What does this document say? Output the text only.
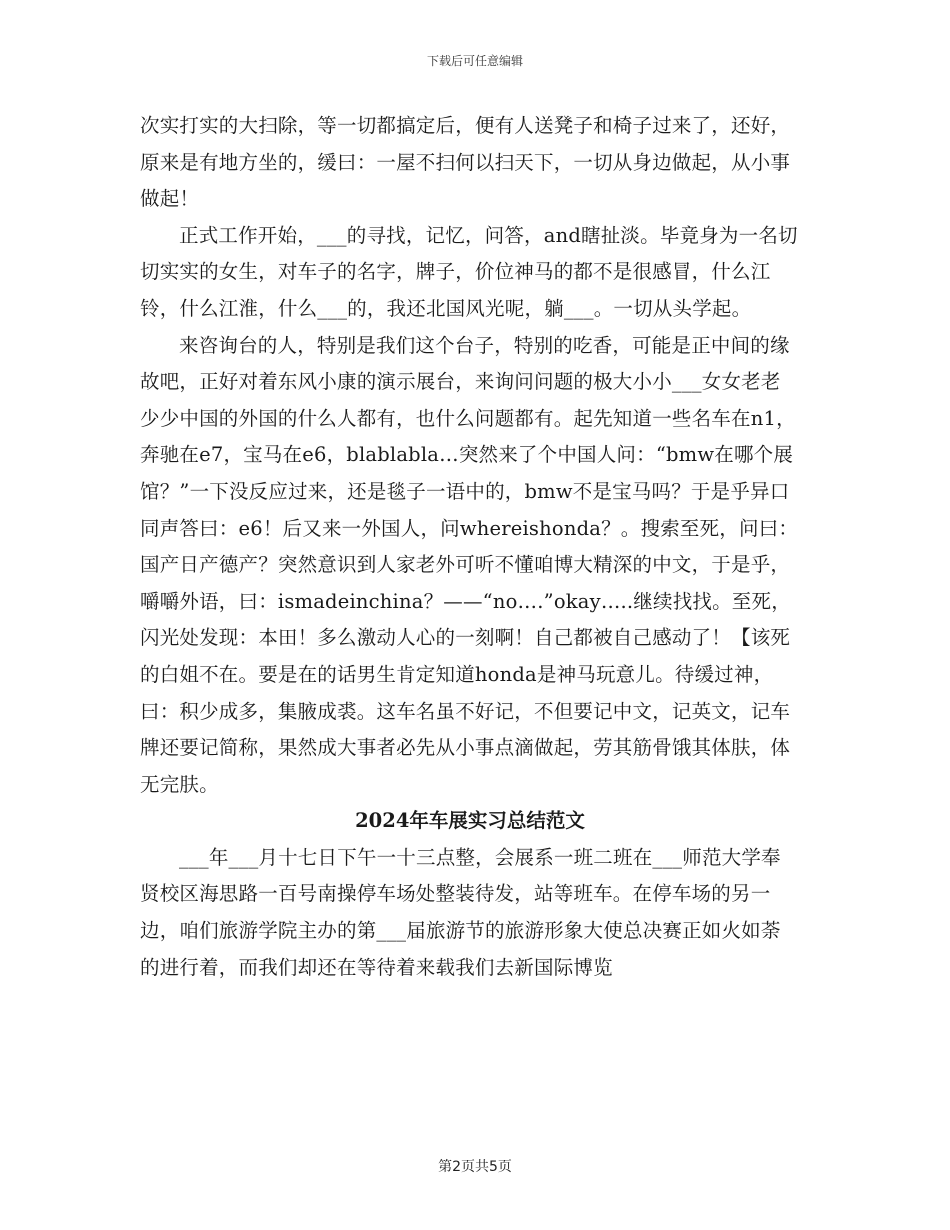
下载后可任意编辑

次实打实的大扫除，等一切都搞定后，便有人送凳子和椅子过来了，还好，原来是有地方坐的，缓曰：一屋不扫何以扫天下，一切从身边做起，从小事做起！

正式工作开始，___的寻找，记忆，问答，and瞎扯淡。毕竟身为一名切切实实的女生，对车子的名字，牌子，价位神马的都不是很感冒，什么江铃，什么江淮，什么___的，我还北国风光呢，躺___。一切从头学起。

来咨询台的人，特别是我们这个台子，特别的吃香，可能是正中间的缘故吧，正好对着东风小康的演示展台，来询问问题的极大小小___女女老老少少中国的外国的什么人都有，也什么问题都有。起先知道一些名车在n1，奔驰在e7，宝马在e6，blablabla…突然来了个中国人问：“bmw在哪个展馆？”一下没反应过来，还是毯子一语中的，bmw不是宝马吗？于是乎异口同声答曰：e6！后又来一外国人，问whereishonda？。搜索至死，问曰：国产日产德产？突然意识到人家老外可听不懂咱博大精深的中文，于是乎，嚼嚼外语，曰：ismadeinchina？——“no….”okay…..继续找找。至死，闪光处发现：本田！多么激动人心的一刻啊！自己都被自己感动了！【该死的白姐不在。要是在的话男生肯定知道honda是神马玩意儿。待缓过神，曰：积少成多，集腋成裘。这车名虽不好记，不但要记中文，记英文，记车牌还要记简称，果然成大事者必先从小事点滴做起，劳其筋骨饿其体肤，体无完肤。

2024年车展实习总结范文

___年___月十七日下午一十三点整，会展系一班二班在___师范大学奉贤校区海思路一百号南操停车场处整装待发，站等班车。在停车场的另一边，咱们旅游学院主办的第___届旅游节的旅游形象大使总决赛正如火如荼的进行着，而我们却还在等待着来载我们去新国际博览

第2页共5页
